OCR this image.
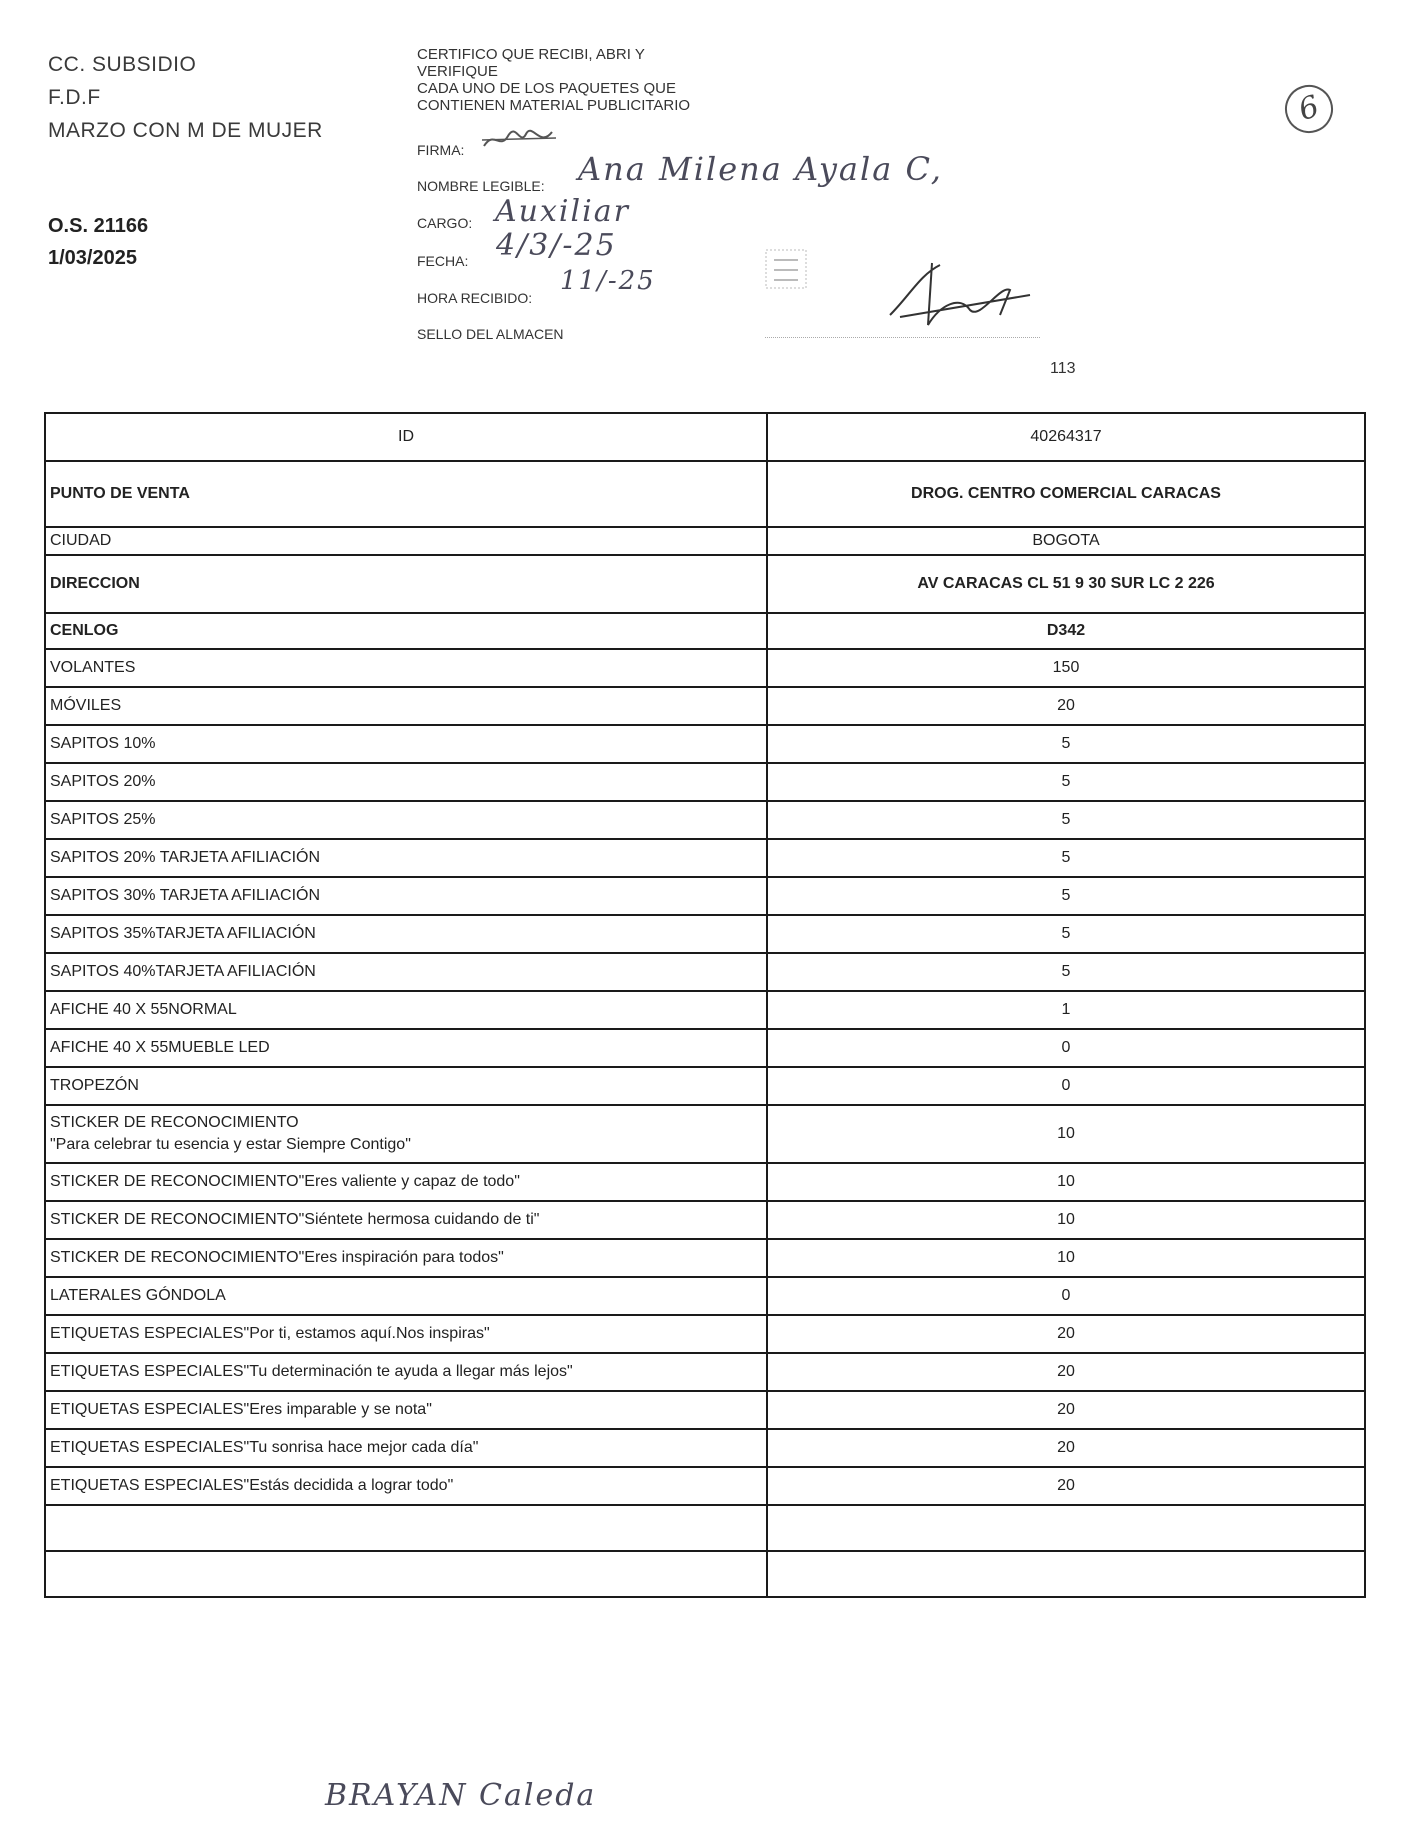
CC. SUBSIDIO
F.D.F
MARZO CON M DE MUJER
O.S. 21166
1/03/2025
CERTIFICO QUE RECIBI, ABRI Y
VERIFIQUE
CADA UNO DE LOS PAQUETES QUE
CONTIENEN MATERIAL PUBLICITARIO
FIRMA:
NOMBRE LEGIBLE: Ana Milena Ayala C,
CARGO: Auxiliar
FECHA: 4/3/-25
HORA RECIBIDO:
11/-25
SELLO DEL ALMACEN
113
6
ID	40264317
PUNTO DE VENTA	DROG. CENTRO COMERCIAL CARACAS
CIUDAD	BOGOTA
DIRECCION	AV CARACAS CL 51 9 30 SUR LC 2 226
CENLOG	D342
VOLANTES	150
MÓVILES	20
SAPITOS 10%	5
SAPITOS 20%	5
SAPITOS 25%	5
SAPITOS 20% TARJETA AFILIACIÓN	5
SAPITOS 30% TARJETA AFILIACIÓN	5
SAPITOS 35%TARJETA AFILIACIÓN	5
SAPITOS 40%TARJETA AFILIACIÓN	5
AFICHE 40 X 55NORMAL	1
AFICHE 40 X 55MUEBLE LED	0
TROPEZÓN	0

STICKER DE RECONOCIMIENTO
"Para celebrar tu esencia y estar Siempre Contigo"	10
STICKER DE RECONOCIMIENTO"Eres valiente y capaz de todo"	10
STICKER DE RECONOCIMIENTO"Siéntete hermosa cuidando de ti"	10
STICKER DE RECONOCIMIENTO"Eres inspiración para todos"	10
LATERALES GÓNDOLA	0
ETIQUETAS ESPECIALES"Por ti, estamos aquí.Nos inspiras"	20
ETIQUETAS ESPECIALES"Tu determinación te ayuda a llegar más lejos"	20
ETIQUETAS ESPECIALES"Eres imparable y se nota"	20
ETIQUETAS ESPECIALES"Tu sonrisa hace mejor cada día"	20
ETIQUETAS ESPECIALES"Estás decidida a lograr todo"	20

BRAYAN Caleda
